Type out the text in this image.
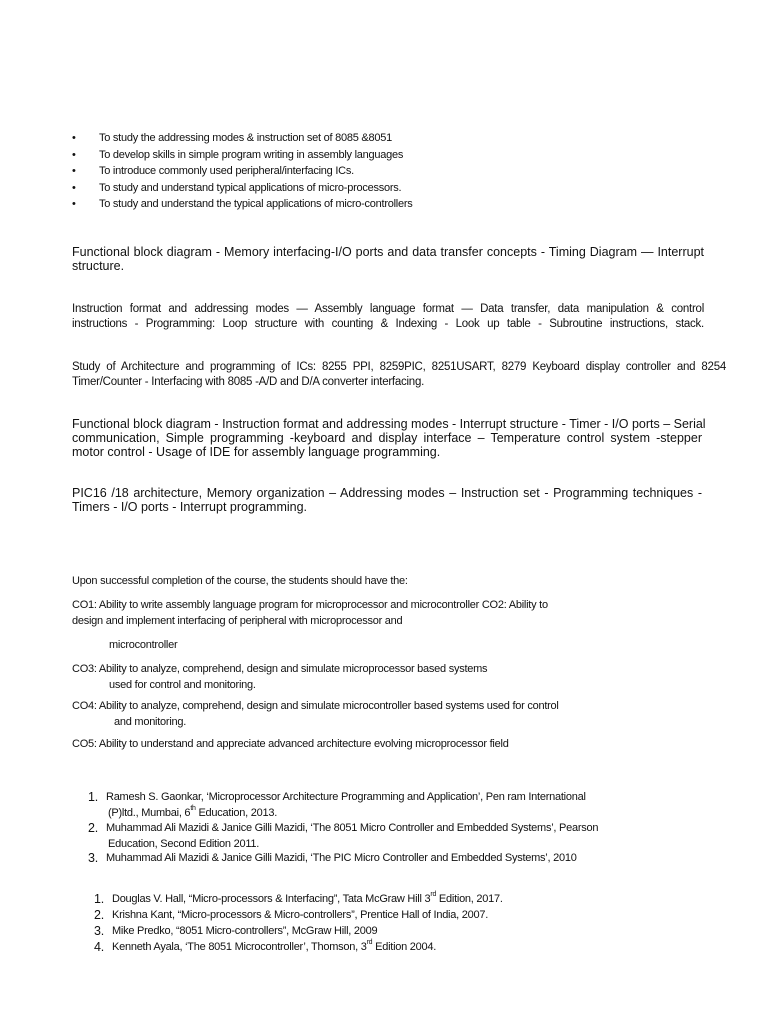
• To study the addressing modes & instruction set of 8085 &8051
• To develop skills in simple program writing in assembly languages
• To introduce commonly used peripheral/interfacing ICs.
• To study and understand typical applications of micro-processors.
• To study and understand the typical applications of micro-controllers
Functional block diagram - Memory interfacing-I/O ports and data transfer concepts - Timing Diagram — Interrupt
structure.
Instruction format and addressing modes — Assembly language format — Data transfer, data manipulation & control
instructions - Programming: Loop structure with counting & Indexing - Look up table - Subroutine instructions, stack.
Study of Architecture and programming of ICs: 8255 PPI, 8259PIC, 8251USART, 8279 Keyboard display controller and 8254
Timer/Counter - Interfacing with 8085 -A/D and D/A converter interfacing.
Functional block diagram - Instruction format and addressing modes - Interrupt structure - Timer - I/O ports – Serial
communication, Simple programming -keyboard and display interface – Temperature control system -stepper
motor control - Usage of IDE for assembly language programming.
PIC16 /18 architecture, Memory organization – Addressing modes – Instruction set - Programming techniques -
Timers - I/O ports - Interrupt programming.
Upon successful completion of the course, the students should have the:
CO1: Ability to write assembly language program for microprocessor and microcontroller CO2: Ability to
design and implement interfacing of peripheral with microprocessor and
microcontroller
CO3: Ability to analyze, comprehend, design and simulate microprocessor based systems
used for control and monitoring.
CO4: Ability to analyze, comprehend, design and simulate microcontroller based systems used for control
and monitoring.
CO5: Ability to understand and appreciate advanced architecture evolving microprocessor field
1. Ramesh S. Gaonkar, ‘Microprocessor Architecture Programming and Application’, Pen ram International
(P)ltd., Mumbai, 6th Education, 2013.
2. Muhammad Ali Mazidi & Janice Gilli Mazidi, ‘The 8051 Micro Controller and Embedded Systems’, Pearson
Education, Second Edition 2011.
3. Muhammad Ali Mazidi & Janice Gilli Mazidi, ‘The PIC Micro Controller and Embedded Systems’, 2010
1. Douglas V. Hall, “Micro-processors & Interfacing”, Tata McGraw Hill 3rd Edition, 2017.
2. Krishna Kant, “Micro-processors & Micro-controllers”, Prentice Hall of India, 2007.
3. Mike Predko, “8051 Micro-controllers”, McGraw Hill, 2009
4. Kenneth Ayala, ‘The 8051 Microcontroller’, Thomson, 3rd Edition 2004.
